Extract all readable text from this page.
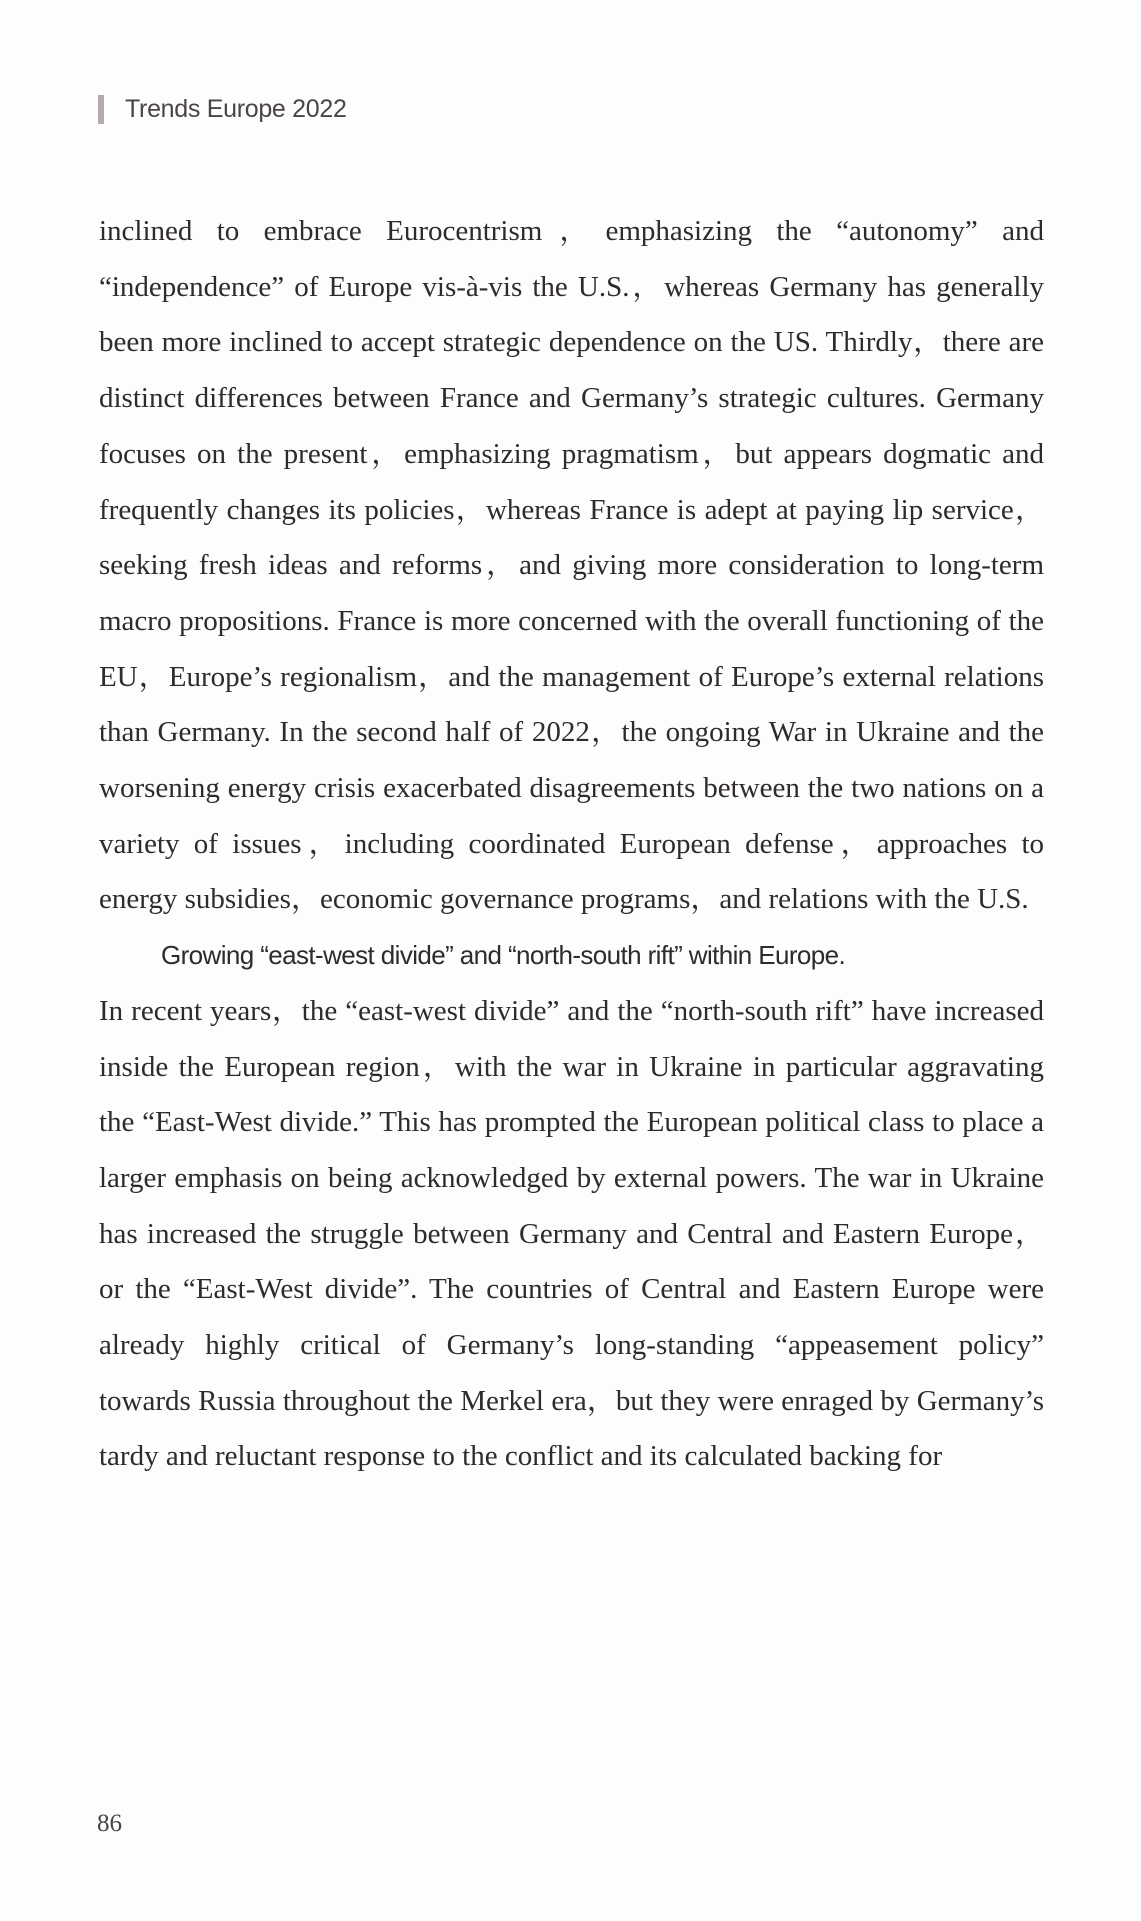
Trends Europe 2022

inclined to embrace Eurocentrism，emphasizing the “autonomy” and “independence” of Europe vis-à-vis the U.S.，whereas Germany has generally been more inclined to accept strategic dependence on the US. Thirdly，there are distinct differences between France and Germany’s strategic cultures. Germany focuses on the present，emphasizing pragmatism，but appears dogmatic and frequently changes its policies，whereas France is adept at paying lip service，seeking fresh ideas and reforms，and giving more consideration to long-term macro propositions. France is more concerned with the overall functioning of the EU，Europe’s regionalism，and the management of Europe’s external relations than Germany. In the second half of 2022，the ongoing War in Ukraine and the worsening energy crisis exacerbated disagreements between the two nations on a variety of issues，including coordinated European defense，approaches to energy subsidies，economic governance programs，and relations with the U.S.

Growing “east-west divide” and “north-south rift” within Europe.

In recent years，the “east-west divide” and the “north-south rift” have increased inside the European region，with the war in Ukraine in particular aggravating the “East-West divide.” This has prompted the European political class to place a larger emphasis on being acknowledged by external powers. The war in Ukraine has increased the struggle between Germany and Central and Eastern Europe，or the “East-West divide”. The countries of Central and Eastern Europe were already highly critical of Germany’s long-standing “appeasement policy” towards Russia throughout the Merkel era，but they were enraged by Germany’s tardy and reluctant response to the conflict and its calculated backing for

86
